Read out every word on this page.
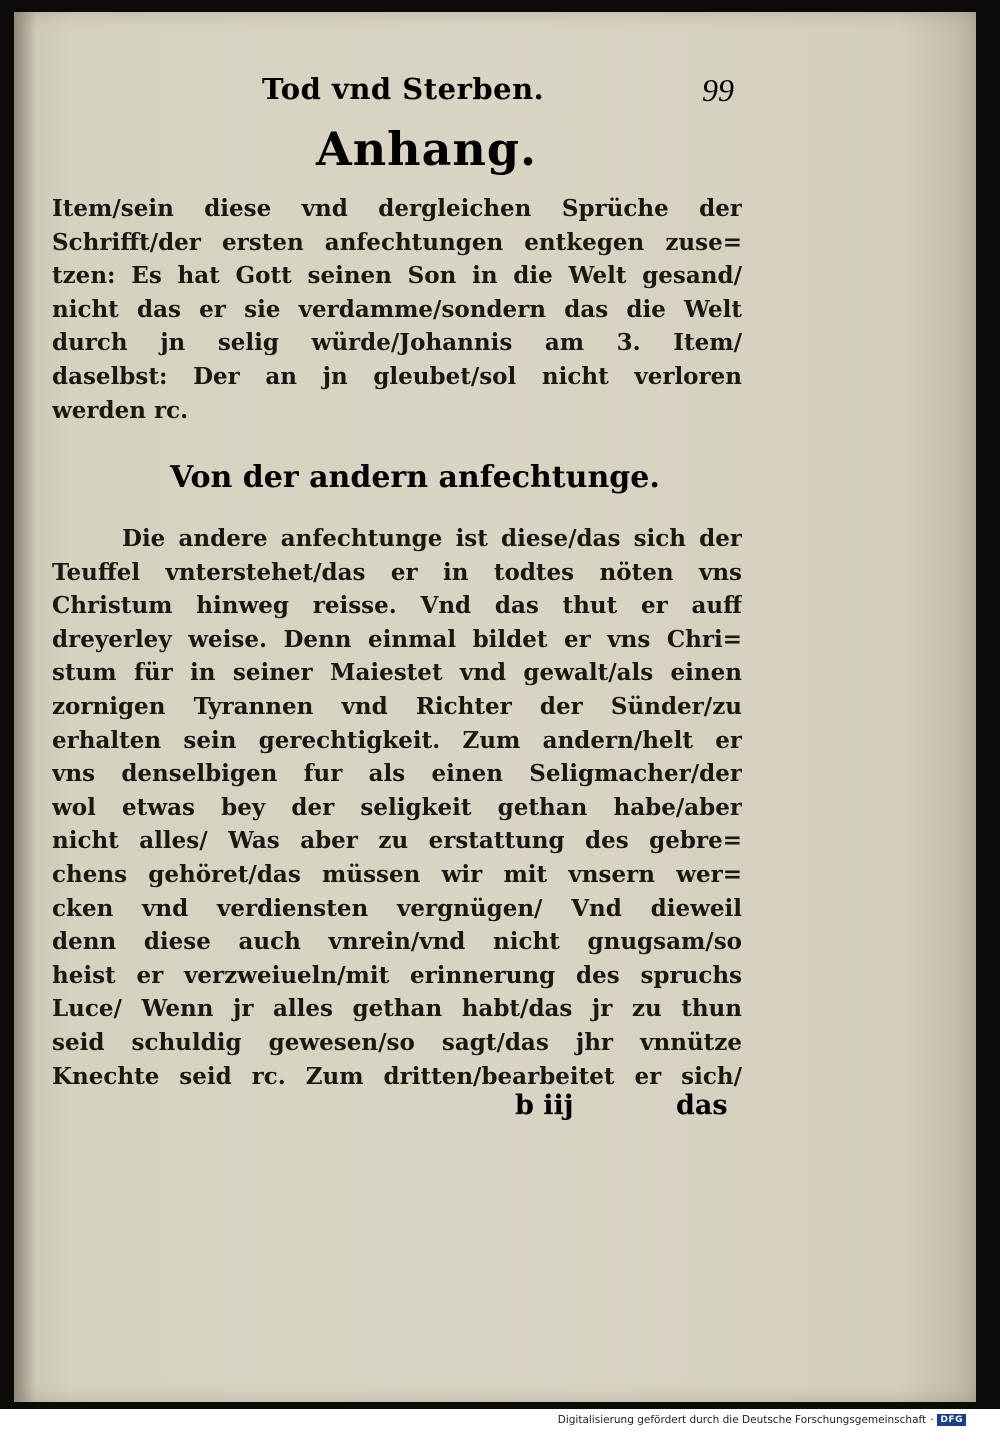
Tod vnd Sterben.	99
Anhang.
Item/sein diese vnd dergleichen Sprüche der
Schrifft/der ersten anfechtungen entkegen zuse=
tzen: Es hat Gott seinen Son in die Welt gesand/
nicht das er sie verdamme/sondern das die Welt
durch jn selig würde/Johannis am 3. Item/
daselbst: Der an jn gleubet/sol nicht verloren
werden rc.
Von der andern anfechtunge.
Die andere anfechtunge ist diese/das sich der
Teuffel vnterstehet/das er in todtes nöten vns
Christum hinweg reisse. Vnd das thut er auff
dreyerley weise. Denn einmal bildet er vns Chri=
stum für in seiner Maiestet vnd gewalt/als einen
zornigen Tyrannen vnd Richter der Sünder/zu
erhalten sein gerechtigkeit. Zum andern/helt er
vns denselbigen fur als einen Seligmacher/der
wol etwas bey der seligkeit gethan habe/aber
nicht alles/ Was aber zu erstattung des gebre=
chens gehöret/das müssen wir mit vnsern wer=
cken vnd verdiensten vergnügen/ Vnd dieweil
denn diese auch vnrein/vnd nicht gnugsam/so
heist er verzweiueln/mit erinnerung des spruchs
Luce/ Wenn jr alles gethan habt/das jr zu thun
seid schuldig gewesen/so sagt/das jhr vnnütze
Knechte seid rc. Zum dritten/bearbeitet er sich/
b iij	das
Digitalisierung gefördert durch die Deutsche Forschungsgemeinschaft · DFG
